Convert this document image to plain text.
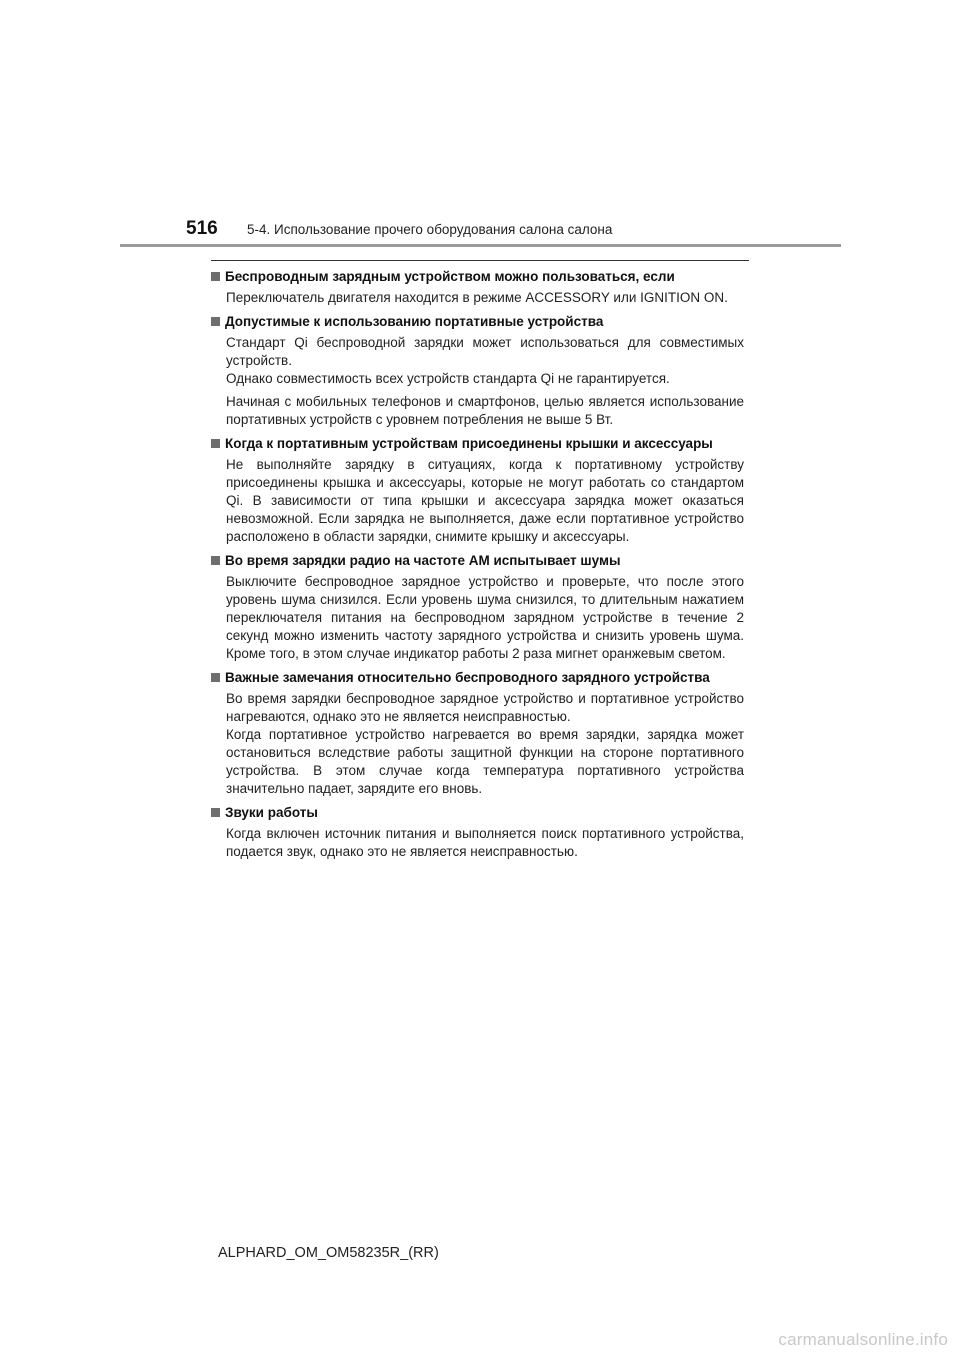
516 5-4. Использование прочего оборудования салона салона
Беспроводным зарядным устройством можно пользоваться, если
Переключатель двигателя находится в режиме ACCESSORY или IGNITION ON.
Допустимые к использованию портативные устройства
Стандарт Qi беспроводной зарядки может использоваться для совместимых
устройств.
Однако совместимость всех устройств стандарта Qi не гарантируется.
Начиная с мобильных телефонов и смартфонов, целью является использование
портативных устройств с уровнем потребления не выше 5 Вт.
Когда к портативным устройствам присоединены крышки и аксессуары
Не выполняйте зарядку в ситуациях, когда к портативному устройству
присоединены крышка и аксессуары, которые не могут работать со стандартом
Qi. В зависимости от типа крышки и аксессуара зарядка может оказаться
невозможной. Если зарядка не выполняется, даже если портативное устройство
расположено в области зарядки, снимите крышку и аксессуары.
Во время зарядки радио на частоте AM испытывает шумы
Выключите беспроводное зарядное устройство и проверьте, что после этого
уровень шума снизился. Если уровень шума снизился, то длительным нажатием
переключателя питания на беспроводном зарядном устройстве в течение 2
секунд можно изменить частоту зарядного устройства и снизить уровень шума.
Кроме того, в этом случае индикатор работы 2 раза мигнет оранжевым светом.
Важные замечания относительно беспроводного зарядного устройства
Во время зарядки беспроводное зарядное устройство и портативное устройство
нагреваются, однако это не является неисправностью.
Когда портативное устройство нагревается во время зарядки, зарядка может
остановиться вследствие работы защитной функции на стороне портативного
устройства. В этом случае когда температура портативного устройства
значительно падает, зарядите его вновь.
Звуки работы
Когда включен источник питания и выполняется поиск портативного устройства,
подается звук, однако это не является неисправностью.
ALPHARD_OM_OM58235R_(RR)
carmanualsonline.info
